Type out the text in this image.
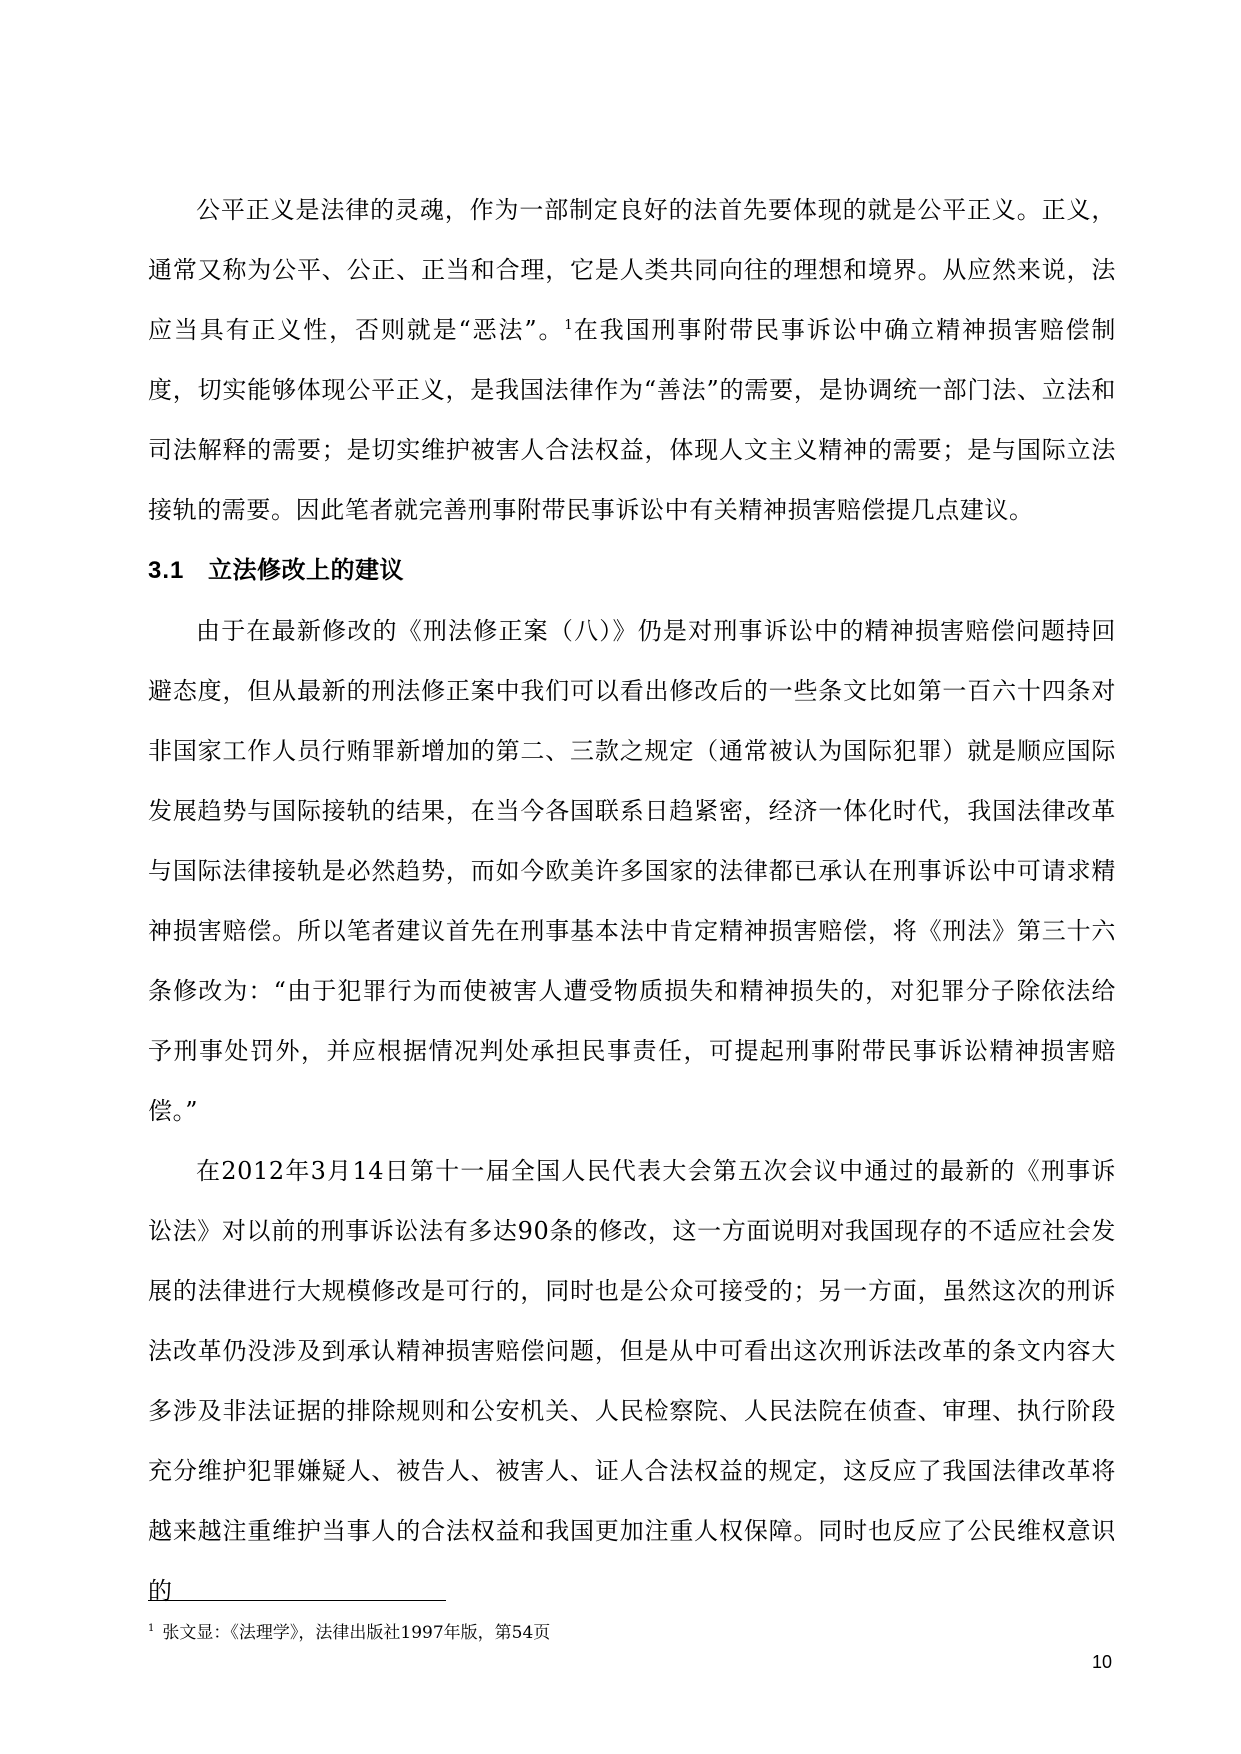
公平正义是法律的灵魂，作为一部制定良好的法首先要体现的就是公平正义。正义，通常又称为公平、公正、正当和合理，它是人类共同向往的理想和境界。从应然来说，法应当具有正义性，否则就是“恶法”。$^1$在我国刑事附带民事诉讼中确立精神损害赔偿制度，切实能够体现公平正义，是我国法律作为“善法”的需要，是协调统一部门法、立法和司法解释的需要；是切实维护被害人合法权益，体现人文主义精神的需要；是与国际立法接轨的需要。因此笔者就完善刑事附带民事诉讼中有关精神损害赔偿提几点建议。

3.1 立法修改上的建议

由于在最新修改的《刑法修正案（八）》仍是对刑事诉讼中的精神损害赔偿问题持回避态度，但从最新的刑法修正案中我们可以看出修改后的一些条文比如第一百六十四条对非国家工作人员行贿罪新增加的第二、三款之规定（通常被认为国际犯罪）就是顺应国际发展趋势与国际接轨的结果，在当今各国联系日趋紧密，经济一体化时代，我国法律改革与国际法律接轨是必然趋势，而如今欧美许多国家的法律都已承认在刑事诉讼中可请求精神损害赔偿。所以笔者建议首先在刑事基本法中肯定精神损害赔偿，将《刑法》第三十六条修改为：“由于犯罪行为而使被害人遭受物质损失和精神损失的，对犯罪分子除依法给予刑事处罚外，并应根据情况判处承担民事责任，可提起刑事附带民事诉讼精神损害赔偿。”

在2012年3月14日第十一届全国人民代表大会第五次会议中通过的最新的《刑事诉讼法》对以前的刑事诉讼法有多达90条的修改，这一方面说明对我国现存的不适应社会发展的法律进行大规模修改是可行的，同时也是公众可接受的；另一方面，虽然这次的刑诉法改革仍没涉及到承认精神损害赔偿问题，但是从中可看出这次刑诉法改革的条文内容大多涉及非法证据的排除规则和公安机关、人民检察院、人民法院在侦查、审理、执行阶段充分维护犯罪嫌疑人、被告人、被害人、证人合法权益的规定，这反应了我国法律改革将越来越注重维护当事人的合法权益和我国更加注重人权保障。同时也反应了公民维权意识的

$^1$ 张文显：《法理学》，法律出版社1997年版，第54页
10
